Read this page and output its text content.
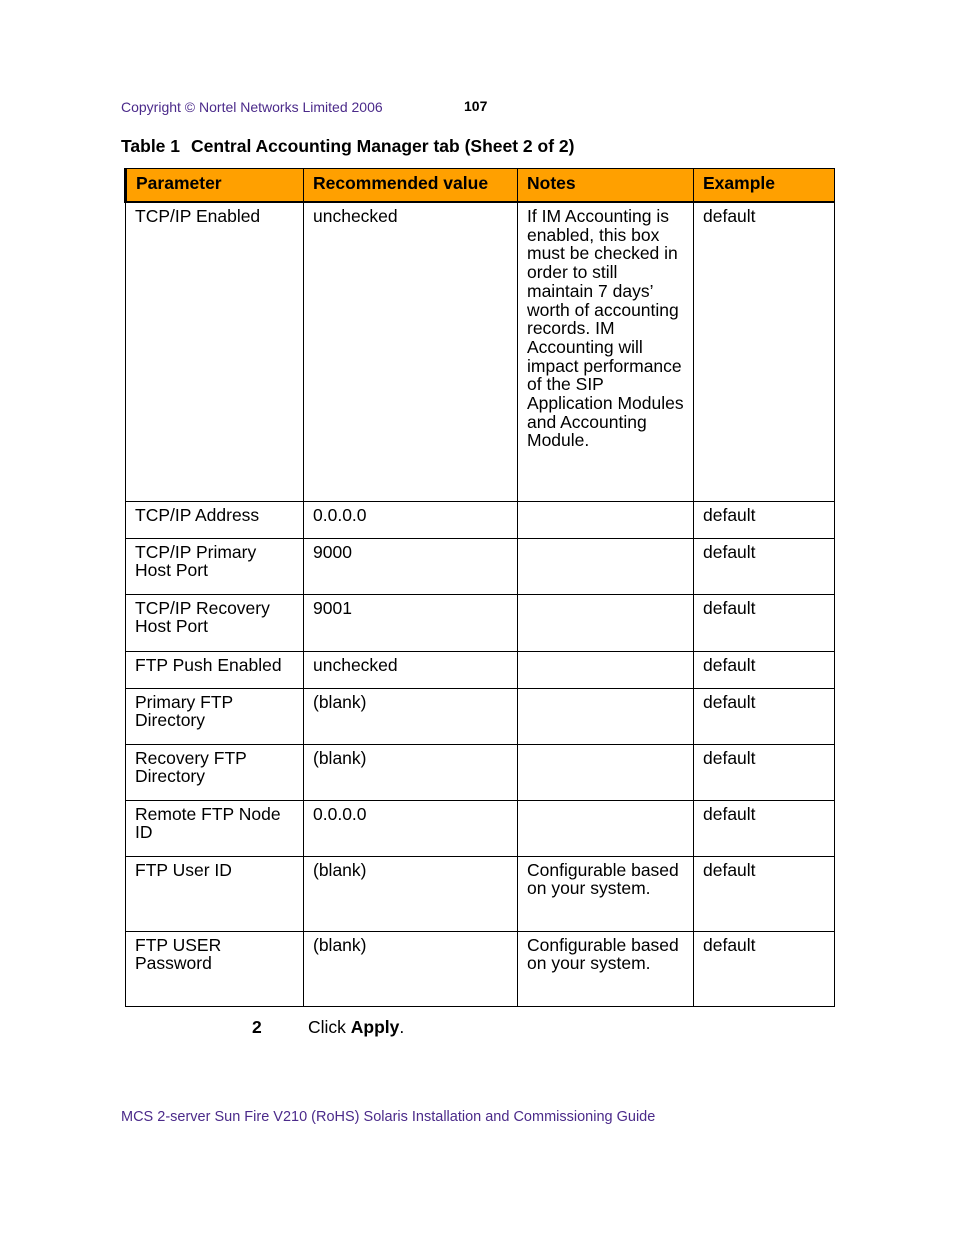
Copyright © Nortel Networks Limited 2006	107
Table 1 Central Accounting Manager tab (Sheet 2 of 2)
Parameter	Recommended value	Notes	Example
TCP/IP Enabled	unchecked	If IM Accounting is enabled, this box must be checked in order to still maintain 7 days’ worth of accounting records. IM Accounting will impact performance of the SIP Application Modules and Accounting Module.	default
TCP/IP Address	0.0.0.0		default
TCP/IP Primary Host Port	9000		default
TCP/IP Recovery Host Port	9001		default
FTP Push Enabled	unchecked		default
Primary FTP Directory	(blank)		default
Recovery FTP Directory	(blank)		default
Remote FTP Node ID	0.0.0.0		default
FTP User ID	(blank)	Configurable based on your system.	default
FTP USER Password	(blank)	Configurable based on your system.	default
2	Click Apply.
MCS 2-server Sun Fire V210 (RoHS) Solaris Installation and Commissioning Guide
